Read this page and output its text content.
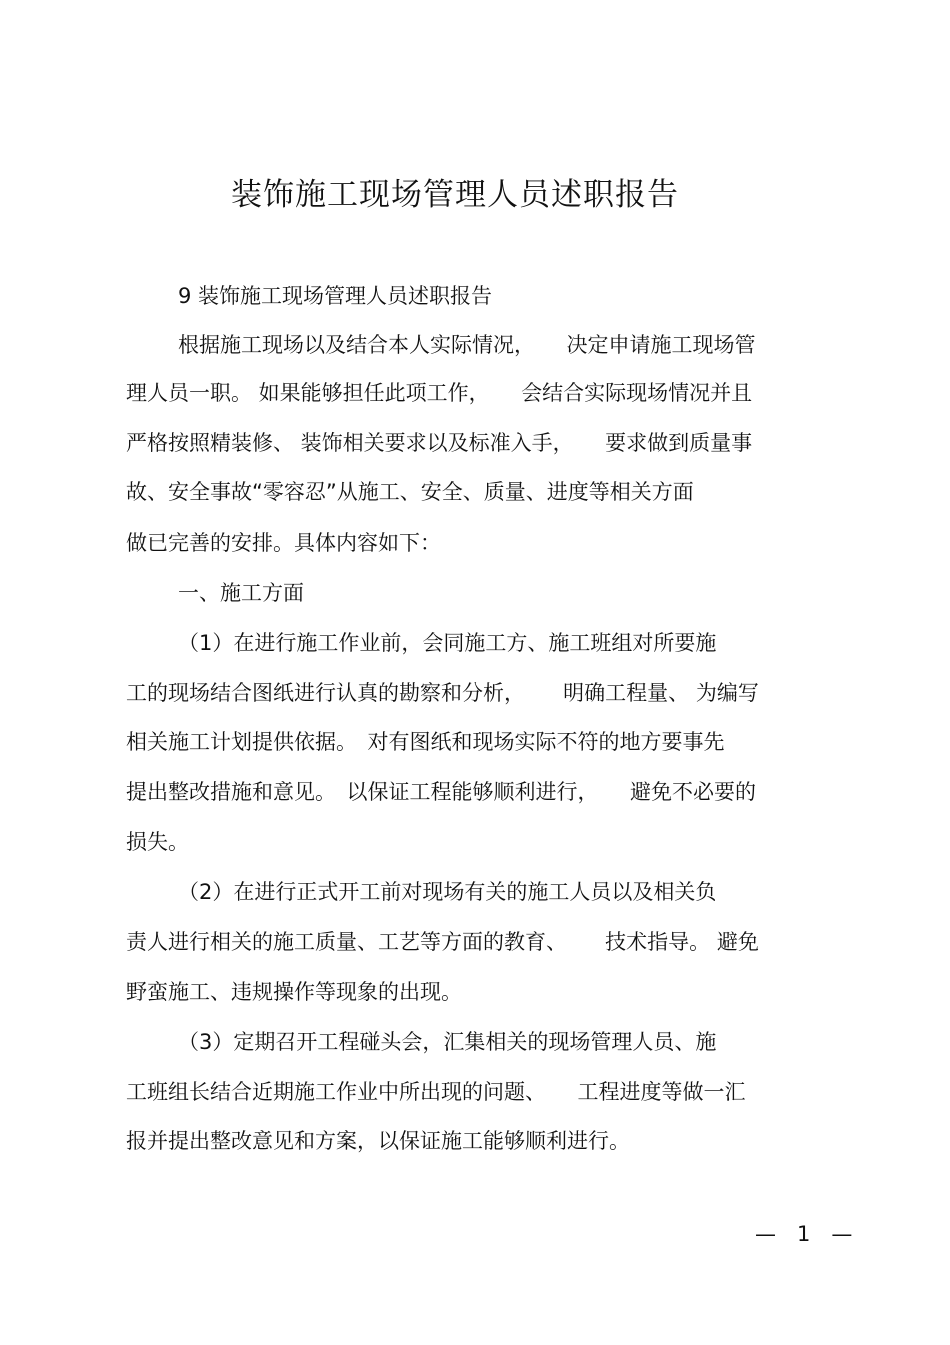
装饰施工现场管理人员述职报告
9 装饰施工现场管理人员述职报告
根据施工现场以及结合本人实际情况，　　决定申请施工现场管
理人员一职。 如果能够担任此项工作，　　会结合实际现场情况并且
严格按照精装修、 装饰相关要求以及标准入手，　　要求做到质量事
故、安全事故“零容忍”从施工、安全、质量、进度等相关方面
做已完善的安排。具体内容如下：
一、施工方面
（1）在进行施工作业前，会同施工方、施工班组对所要施
工的现场结合图纸进行认真的勘察和分析，　　 明确工程量、 为编写
相关施工计划提供依据。　对有图纸和现场实际不符的地方要事先
提出整改措施和意见。　以保证工程能够顺利进行，　　避免不必要的
损失。
（2）在进行正式开工前对现场有关的施工人员以及相关负
责人进行相关的施工质量、工艺等方面的教育、　　 技术指导。 避免
野蛮施工、违规操作等现象的出现。
（3）定期召开工程碰头会，汇集相关的现场管理人员、施
工班组长结合近期施工作业中所出现的问题、　　工程进度等做一汇
报并提出整改意见和方案，以保证施工能够顺利进行。
—　1　—
